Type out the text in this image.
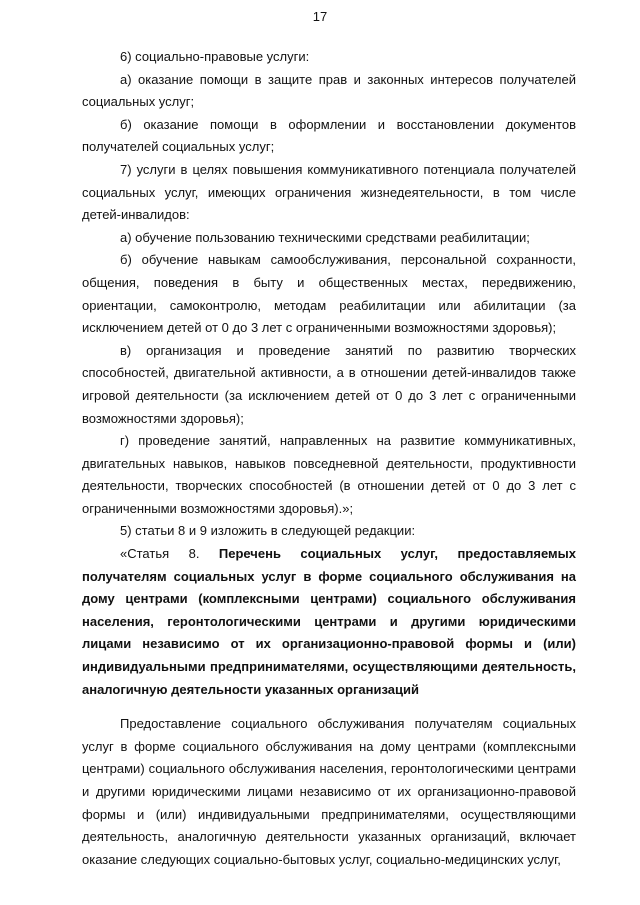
17

6) социально-правовые услуги:

а) оказание помощи в защите прав и законных интересов получателей социальных услуг;

б) оказание помощи в оформлении и восстановлении документов получателей социальных услуг;

7) услуги в целях повышения коммуникативного потенциала получателей социальных услуг, имеющих ограничения жизнедеятельности, в том числе детей-инвалидов:

а) обучение пользованию техническими средствами реабилитации;

б) обучение навыкам самообслуживания, персональной сохранности, общения, поведения в быту и общественных местах, передвижению, ориентации, самоконтролю, методам реабилитации или абилитации (за исключением детей от 0 до 3 лет с ограниченными возможностями здоровья);

в) организация и проведение занятий по развитию творческих способностей, двигательной активности, а в отношении детей-инвалидов также игровой деятельности (за исключением детей от 0 до 3 лет с ограниченными возможностями здоровья);

г) проведение занятий, направленных на развитие коммуникативных, двигательных навыков, навыков повседневной деятельности, продуктивности деятельности, творческих способностей (в отношении детей от 0 до 3 лет с ограниченными возможностями здоровья).»;

5) статьи 8 и 9 изложить в следующей редакции:

«Статья 8. Перечень социальных услуг, предоставляемых получателям социальных услуг в форме социального обслуживания на дому центрами (комплексными центрами) социального обслуживания населения, геронтологическими центрами и другими юридическими лицами независимо от их организационно-правовой формы и (или) индивидуальными предпринимателями, осуществляющими деятельность, аналогичную деятельности указанных организаций

Предоставление социального обслуживания получателям социальных услуг в форме социального обслуживания на дому центрами (комплексными центрами) социального обслуживания населения, геронтологическими центрами и другими юридическими лицами независимо от их организационно-правовой формы и (или) индивидуальными предпринимателями, осуществляющими деятельность, аналогичную деятельности указанных организаций, включает оказание следующих социально-бытовых услуг, социально-медицинских услуг,
